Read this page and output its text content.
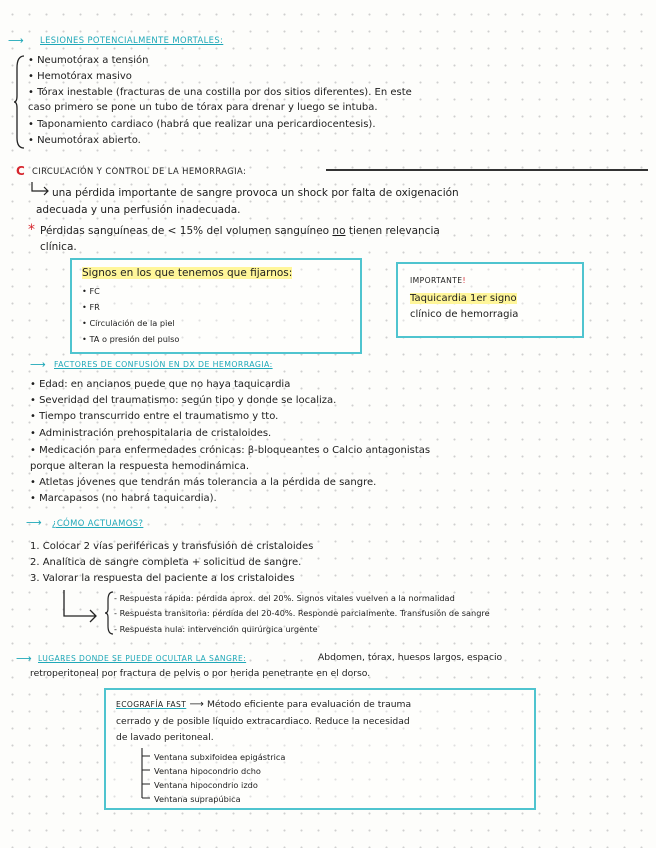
⟶ LESIONES POTENCIALMENTE MORTALES:
• Neumotórax a tensión
• Hemotórax masivo
• Tórax inestable (fracturas de una costilla por dos sitios diferentes). En este
caso primero se pone un tubo de tórax para drenar y luego se intuba.
• Taponamiento cardiaco (habrá que realizar una pericardiocentesis).
• Neumotórax abierto.
C CIRCULACIÓN Y CONTROL DE LA HEMORRAGIA:
una pérdida importante de sangre provoca un shock por falta de oxigenación
adecuada y una perfusión inadecuada.
* Pérdidas sanguíneas de < 15% del volumen sanguíneo no tienen relevancia
clínica.
Signos en los que tenemos que fijarnos:
• FC
• FR
• Circulación de la piel
• TA o presión del pulso
IMPORTANTE!
Taquicardia 1er signo
clínico de hemorragia
⟶ FACTORES DE CONFUSIÓN EN DX DE HEMORRAGIA:
• Edad: en ancianos puede que no haya taquicardia
• Severidad del traumatismo: según tipo y donde se localiza.
• Tiempo transcurrido entre el traumatismo y tto.
• Administración prehospitalaria de cristaloides.
• Medicación para enfermedades crónicas: β-bloqueantes o Calcio antagonistas
porque alteran la respuesta hemodinámica.
• Atletas jóvenes que tendrán más tolerancia a la pérdida de sangre.
• Marcapasos (no habrá taquicardia).
⟶ ¿CÓMO ACTUAMOS?
1. Colocar 2 vías periféricas y transfusión de cristaloides
2. Analítica de sangre completa + solicitud de sangre.
3. Valorar la respuesta del paciente a los cristaloides
- Respuesta rápida: pérdida aprox. del 20%. Signos vitales vuelven a la normalidad
- Respuesta transitoria: pérdida del 20-40%. Responde parcialmente. Transfusión de sangre
- Respuesta nula: intervención quirúrgica urgente
⟶ LUGARES DONDE SE PUEDE OCULTAR LA SANGRE:	Abdomen, tórax, huesos largos, espacio
retroperitoneal por fractura de pelvis o por herida penetrante en el dorso.
ECOGRAFÍA FAST ⟶ Método eficiente para evaluación de trauma
cerrado y de posible líquido extracardiaco. Reduce la necesidad
de lavado peritoneal.
Ventana subxifoidea epigástrica
Ventana hipocondrio dcho
Ventana hipocondrio izdo
Ventana suprapúbica
